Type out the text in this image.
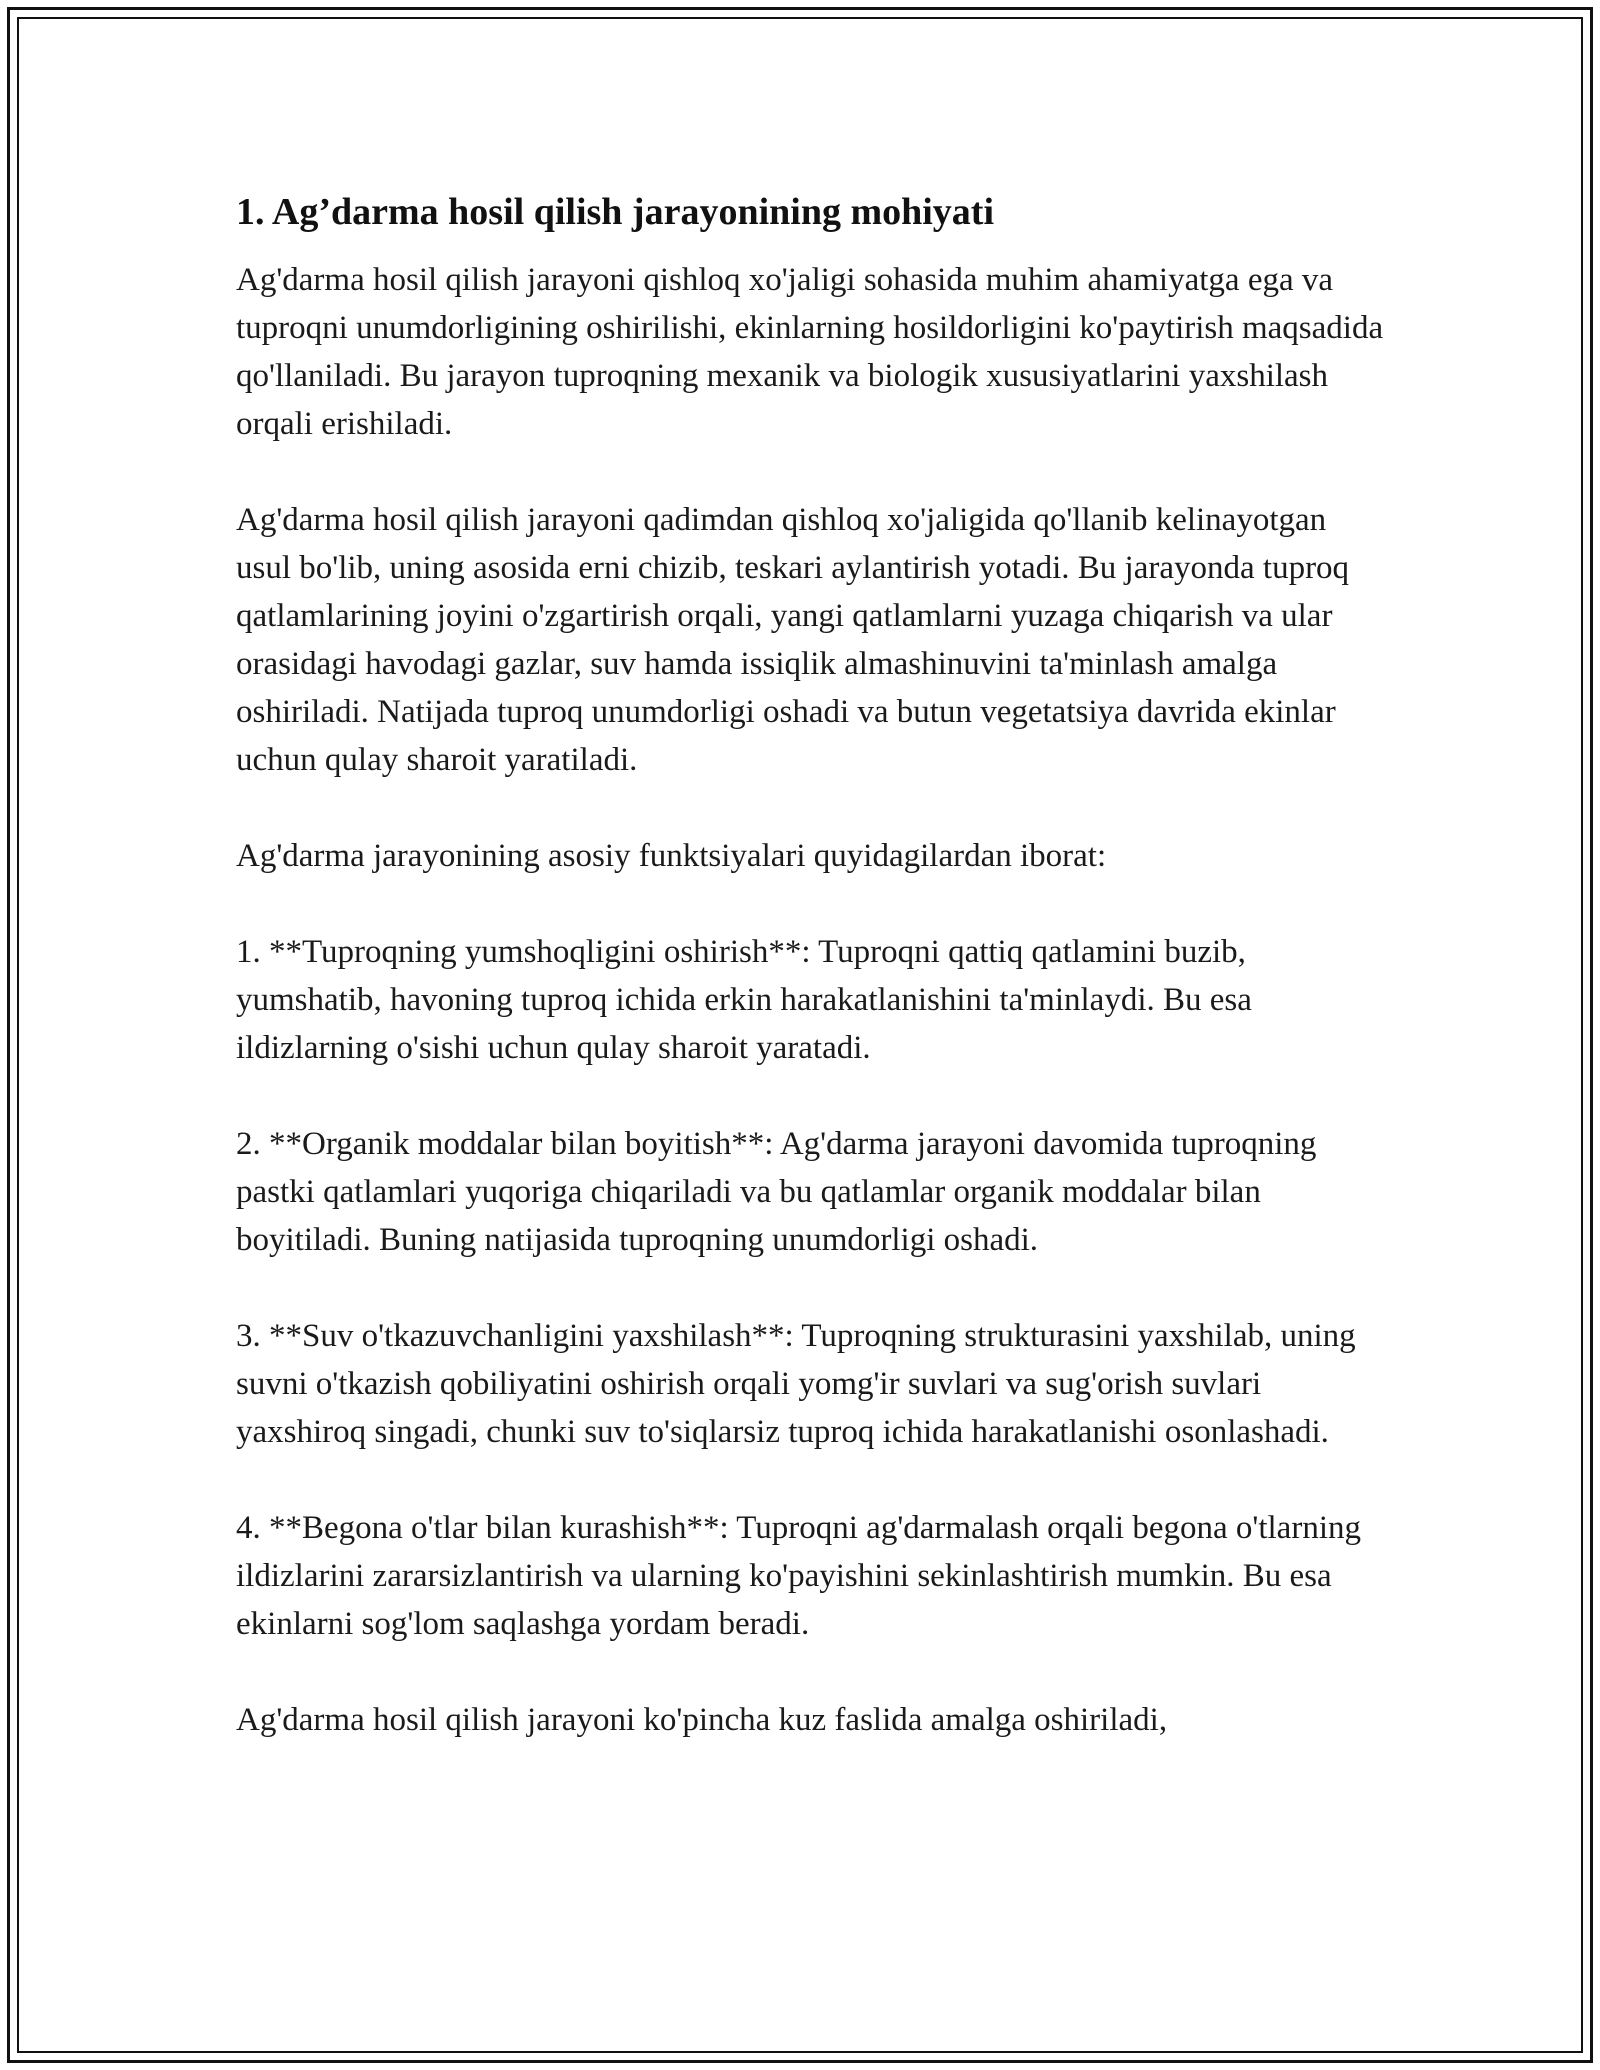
1. Ag’darma hosil qilish jarayonining mohiyati

Ag'darma hosil qilish jarayoni qishloq xo'jaligi sohasida muhim ahamiyatga ega va tuproqni unumdorligining oshirilishi, ekinlarning hosildorligini ko'paytirish maqsadida qo'llaniladi. Bu jarayon tuproqning mexanik va biologik xususiyatlarini yaxshilash orqali erishiladi.

Ag'darma hosil qilish jarayoni qadimdan qishloq xo'jaligida qo'llanib kelinayotgan usul bo'lib, uning asosida erni chizib, teskari aylantirish yotadi. Bu jarayonda tuproq qatlamlarining joyini o'zgartirish orqali, yangi qatlamlarni yuzaga chiqarish va ular orasidagi havodagi gazlar, suv hamda issiqlik almashinuvini ta'minlash amalga oshiriladi. Natijada tuproq unumdorligi oshadi va butun vegetatsiya davrida ekinlar uchun qulay sharoit yaratiladi.

Ag'darma jarayonining asosiy funktsiyalari quyidagilardan iborat:

1. **Tuproqning yumshoqligini oshirish**: Tuproqni qattiq qatlamini buzib, yumshatib, havoning tuproq ichida erkin harakatlanishini ta'minlaydi. Bu esa ildizlarning o'sishi uchun qulay sharoit yaratadi.

2. **Organik moddalar bilan boyitish**: Ag'darma jarayoni davomida tuproqning pastki qatlamlari yuqoriga chiqariladi va bu qatlamlar organik moddalar bilan boyitiladi. Buning natijasida tuproqning unumdorligi oshadi.

3. **Suv o'tkazuvchanligini yaxshilash**: Tuproqning strukturasini yaxshilab, uning suvni o'tkazish qobiliyatini oshirish orqali yomg'ir suvlari va sug'orish suvlari yaxshiroq singadi, chunki suv to'siqlarsiz tuproq ichida harakatlanishi osonlashadi.

4. **Begona o'tlar bilan kurashish**: Tuproqni ag'darmalash orqali begona o'tlarning ildizlarini zararsizlantirish va ularning ko'payishini sekinlashtirish mumkin. Bu esa ekinlarni sog'lom saqlashga yordam beradi.

Ag'darma hosil qilish jarayoni ko'pincha kuz faslida amalga oshiriladi,
